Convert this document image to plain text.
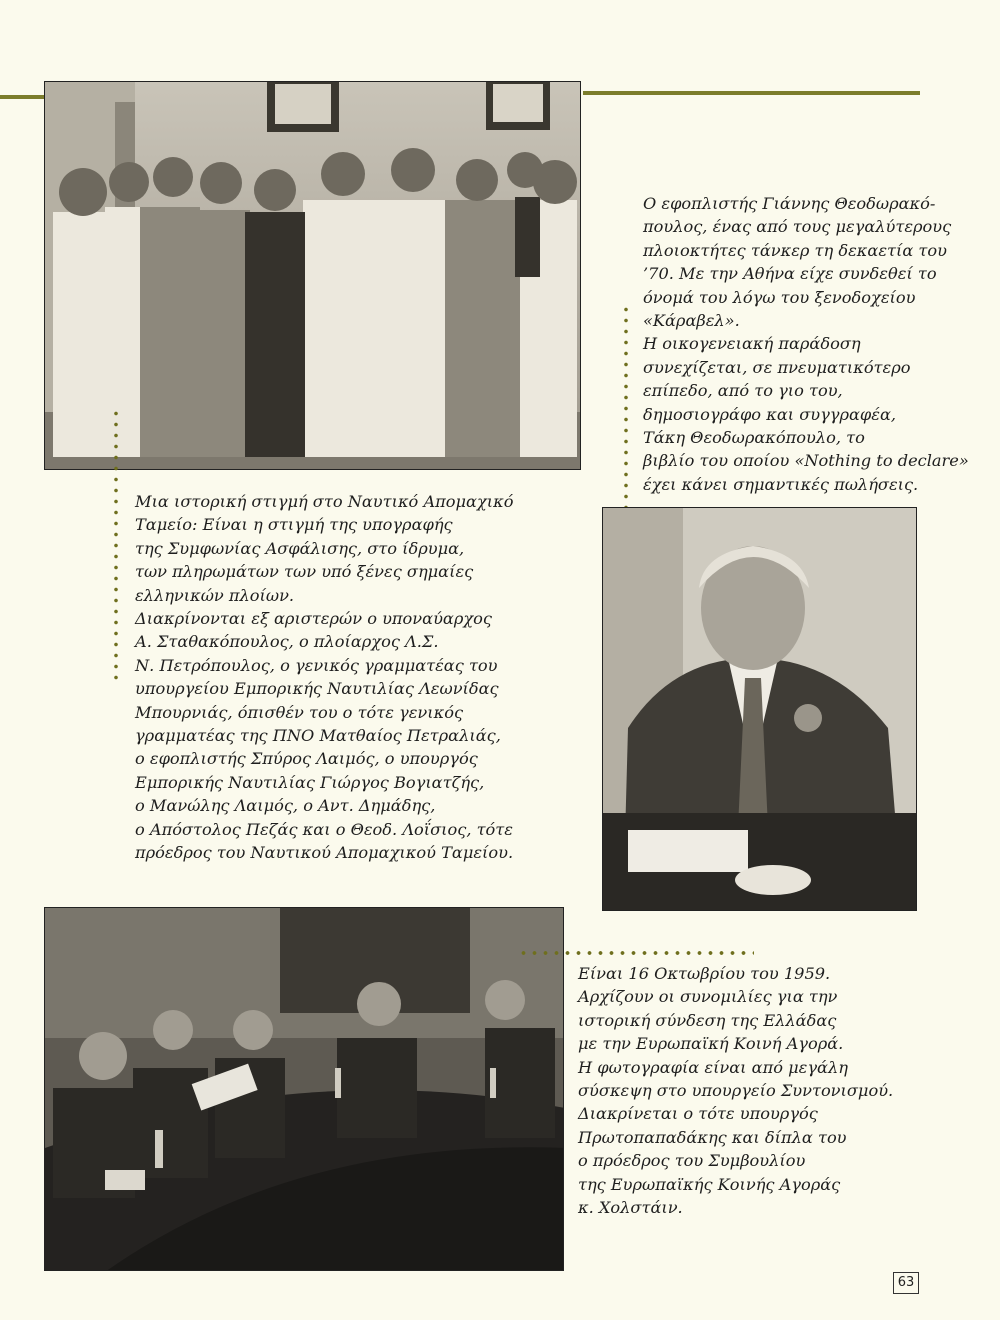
Ο εφοπλιστής Γιάννης Θεοδωρακό-
πουλος, ένας από τους μεγαλύτερους
πλοιοκτήτες τάνκερ τη δεκαετία του
’70. Με την Αθήνα είχε συνδεθεί το
όνομά του λόγω του ξενοδοχείου
«Κάραβελ».
Η οικογενειακή παράδοση
συνεχίζεται, σε πνευματικότερο
επίπεδο, από το γιο του,
δημοσιογράφο και συγγραφέα,
Τάκη Θεοδωρακόπουλο, το
βιβλίο του οποίου «Nothing to declare»
έχει κάνει σημαντικές πωλήσεις.
Μια ιστορική στιγμή στο Ναυτικό Απομαχικό
Ταμείο: Είναι η στιγμή της υπογραφής
της Συμφωνίας Ασφάλισης, στο ίδρυμα,
των πληρωμάτων των υπό ξένες σημαίες
ελληνικών πλοίων.
Διακρίνονται εξ αριστερών ο υποναύαρχος
Α. Σταθακόπουλος, ο πλοίαρχος Λ.Σ.
Ν. Πετρόπουλος, ο γενικός γραμματέας του
υπουργείου Εμπορικής Ναυτιλίας Λεωνίδας
Μπουρνιάς, όπισθέν του ο τότε γενικός
γραμματέας της ΠΝΟ Ματθαίος Πετραλιάς,
ο εφοπλιστής Σπύρος Λαιμός, ο υπουργός
Εμπορικής Ναυτιλίας Γιώργος Βογιατζής,
ο Μανώλης Λαιμός, ο Αντ. Δημάδης,
ο Απόστολος Πεζάς και ο Θεοδ. Λοΐσιος, τότε
πρόεδρος του Ναυτικού Απομαχικού Ταμείου.
Είναι 16 Οκτωβρίου του 1959.
Αρχίζουν οι συνομιλίες για την
ιστορική σύνδεση της Ελλάδας
με την Ευρωπαϊκή Κοινή Αγορά.
Η φωτογραφία είναι από μεγάλη
σύσκεψη στο υπουργείο Συντονισμού.
Διακρίνεται ο τότε υπουργός
Πρωτοπαπαδάκης και δίπλα του
ο πρόεδρος του Συμβουλίου
της Ευρωπαϊκής Κοινής Αγοράς
κ. Χολστάιν.
63
